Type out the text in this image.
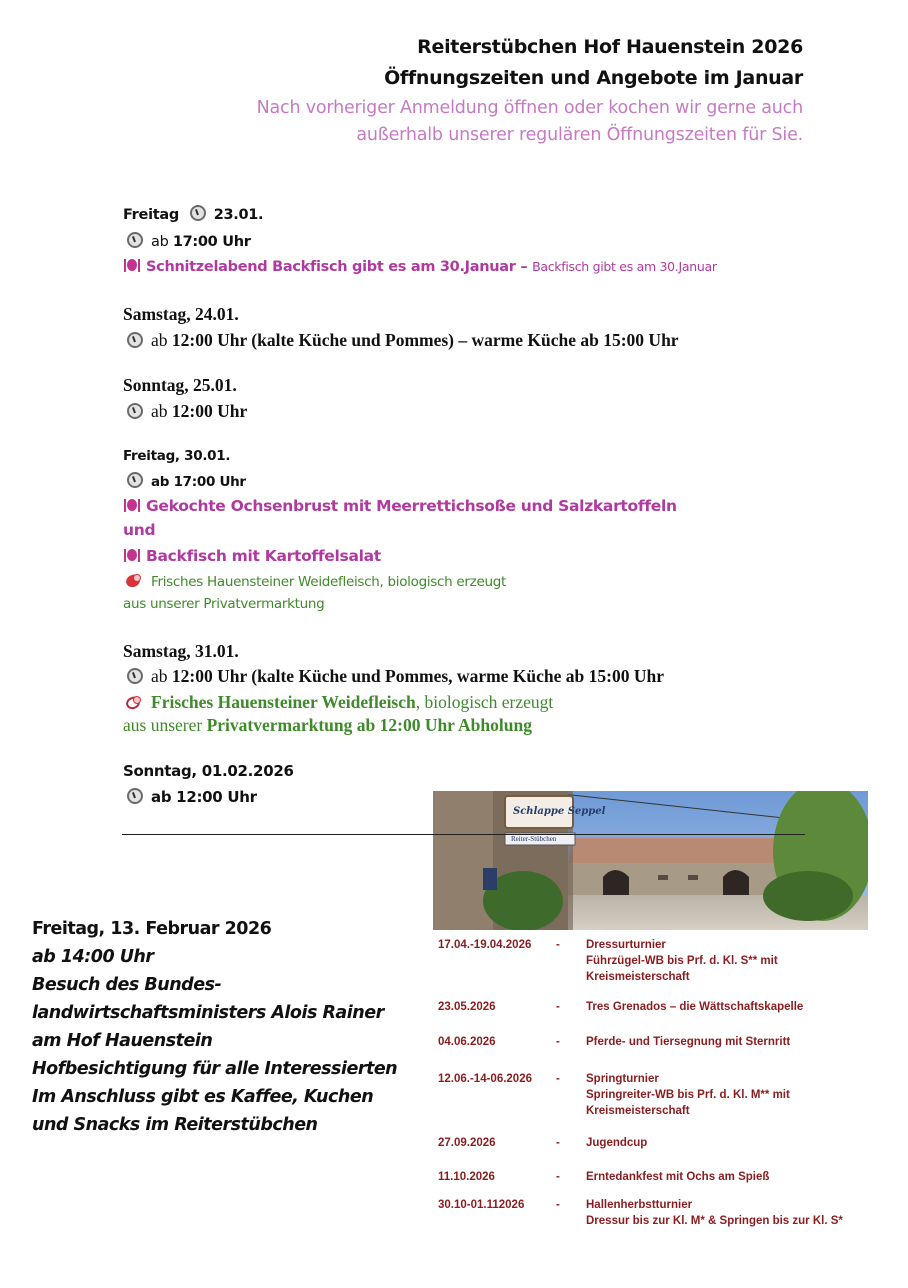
Reiterstübchen Hof Hauenstein 2026
Öffnungszeiten und Angebote im Januar
Nach vorheriger Anmeldung öffnen oder kochen wir gerne auch
außerhalb unserer regulären Öffnungszeiten für Sie.
Freitag 23.01.
ab 17:00 Uhr
Schnitzelabend Backfisch gibt es am 30.Januar – Backfisch gibt es am 30.Januar
Samstag, 24.01.
ab 12:00 Uhr (kalte Küche und Pommes) – warme Küche ab 15:00 Uhr
Sonntag, 25.01.
ab 12:00 Uhr
Freitag, 30.01.
ab 17:00 Uhr
Gekochte Ochsenbrust mit Meerrettichsoße und Salzkartoffeln
und
Backfisch mit Kartoffelsalat
Frisches Hauensteiner Weidefleisch, biologisch erzeugt
aus unserer Privatvermarktung
Samstag, 31.01.
ab 12:00 Uhr (kalte Küche und Pommes, warme Küche ab 15:00 Uhr
Frisches Hauensteiner Weidefleisch, biologisch erzeugt
aus unserer Privatvermarktung ab 12:00 Uhr Abholung
Sonntag, 01.02.2026
ab 12:00 Uhr
Schlappe Seppel
Reiter-Stübchen
Freitag, 13. Februar 2026
ab 14:00 Uhr
Besuch des Bundes-
landwirtschaftsministers Alois Rainer
am Hof Hauenstein
Hofbesichtigung für alle Interessierten
Im Anschluss gibt es Kaffee, Kuchen
und Snacks im Reiterstübchen
17.04.-19.04.2026 - Dressurturnier
Führzügel-WB bis Prf. d. Kl. S** mit
Kreismeisterschaft
23.05.2026	- Tres Grenados – die Wättschaftskapelle
04.06.2026	- Pferde- und Tiersegnung mit Sternritt
12.06.-14-06.2026 - Springturnier
Springreiter-WB bis Prf. d. Kl. M** mit
Kreismeisterschaft
27.09.2026	- Jugendcup
11.10.2026	- Erntedankfest mit Ochs am Spieß
30.10-01.112026	- Hallenherbstturnier
Dressur bis zur Kl. M* & Springen bis zur Kl. S*
